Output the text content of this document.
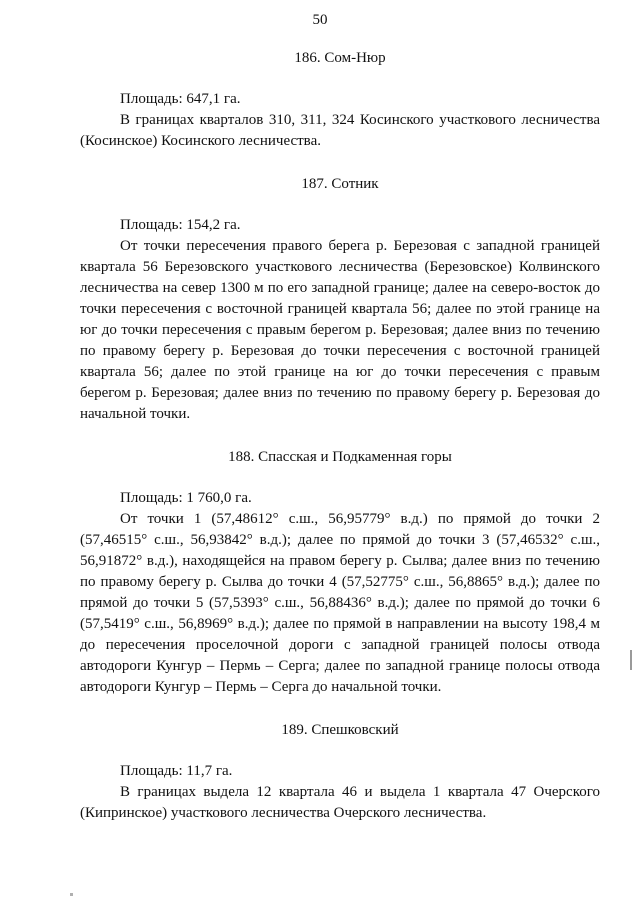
50
186. Сом-Нюр

Площадь: 647,1 га.

В границах кварталов 310, 311, 324 Косинского участкового лесничества (Косинское) Косинского лесничества.

187. Сотник

Площадь: 154,2 га.

От точки пересечения правого берега р. Березовая с западной границей квартала 56 Березовского участкового лесничества (Березовское) Колвинского лесничества на север 1300 м по его западной границе; далее на северо-восток до точки пересечения с восточной границей квартала 56; далее по этой границе на юг до точки пересечения с правым берегом р. Березовая; далее вниз по течению по правому берегу р. Березовая до точки пересечения с восточной границей квартала 56; далее по этой границе на юг до точки пересечения с правым берегом р. Березовая; далее вниз по течению по правому берегу р. Березовая до начальной точки.

188. Спасская и Подкаменная горы

Площадь: 1 760,0 га.

От точки 1 (57,48612° с.ш., 56,95779° в.д.) по прямой до точки 2 (57,46515° с.ш., 56,93842° в.д.); далее по прямой до точки 3 (57,46532° с.ш., 56,91872° в.д.), находящейся на правом берегу р. Сылва; далее вниз по течению по правому берегу р. Сылва до точки 4 (57,52775° с.ш., 56,8865° в.д.); далее по прямой до точки 5 (57,5393° с.ш., 56,88436° в.д.); далее по прямой до точки 6 (57,5419° с.ш., 56,8969° в.д.); далее по прямой в направлении на высоту 198,4 м до пересечения проселочной дороги с западной границей полосы отвода автодороги Кунгур – Пермь – Серга; далее по западной границе полосы отвода автодороги Кунгур – Пермь – Серга до начальной точки.

189. Спешковский

Площадь: 11,7 га.

В границах выдела 12 квартала 46 и выдела 1 квартала 47 Очерского (Кипринское) участкового лесничества Очерского лесничества.
